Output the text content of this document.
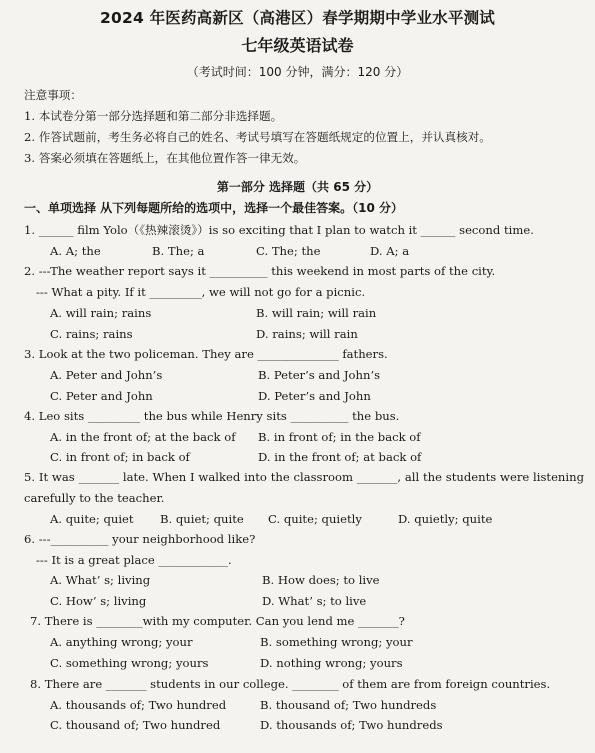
2024 年医药高新区（高港区）春学期期中学业水平测试
七年级英语试卷
（考试时间：100 分钟，满分：120 分）
注意事项：
1. 本试卷分第一部分选择题和第二部分非选择题。
2. 作答试题前，考生务必将自己的姓名、考试号填写在答题纸规定的位置上，并认真核对。
3. 答案必须填在答题纸上，在其他位置作答一律无效。
第一部分 选择题（共 65 分）
一、单项选择 从下列每题所给的选项中，选择一个最佳答案。（10 分）
1. ______ film Yolo（《热辣滚烫》）is so exciting that I plan to watch it ______ second time.
A. A; the	B. The; a	C. The; the	D. A; a
2. ---The weather report says it __________ this weekend in most parts of the city.
--- What a pity. If it _________, we will not go for a picnic.
A. will rain; rains	B. will rain; will rain
C. rains; rains	D. rains; will rain
3. Look at the two policeman. They are ______________ fathers.
A. Peter and John’s	B. Peter’s and John’s
C. Peter and John	D. Peter’s and John
4. Leo sits _________ the bus while Henry sits __________ the bus.
A. in the front of; at the back of B. in front of; in the back of
C. in front of; in back of	D. in the front of; at back of
5. It was _______ late. When I walked into the classroom _______, all the students were listening
carefully to the teacher.
A. quite; quiet B. quiet; quite C. quite; quietly	D. quietly; quite
6. ---__________ your neighborhood like?
--- It is a great place ____________.
A. What’ s; living	B. How does; to live
C. How’ s; living	D. What’ s; to live
7. There is ________with my computer. Can you lend me _______?
A. anything wrong; your	B. something wrong; your
C. something wrong; yours	D. nothing wrong; yours
8. There are _______ students in our college. ________ of them are from foreign countries.
A. thousands of; Two hundred	B. thousand of; Two hundreds
C. thousand of; Two hundred	D. thousands of; Two hundreds
